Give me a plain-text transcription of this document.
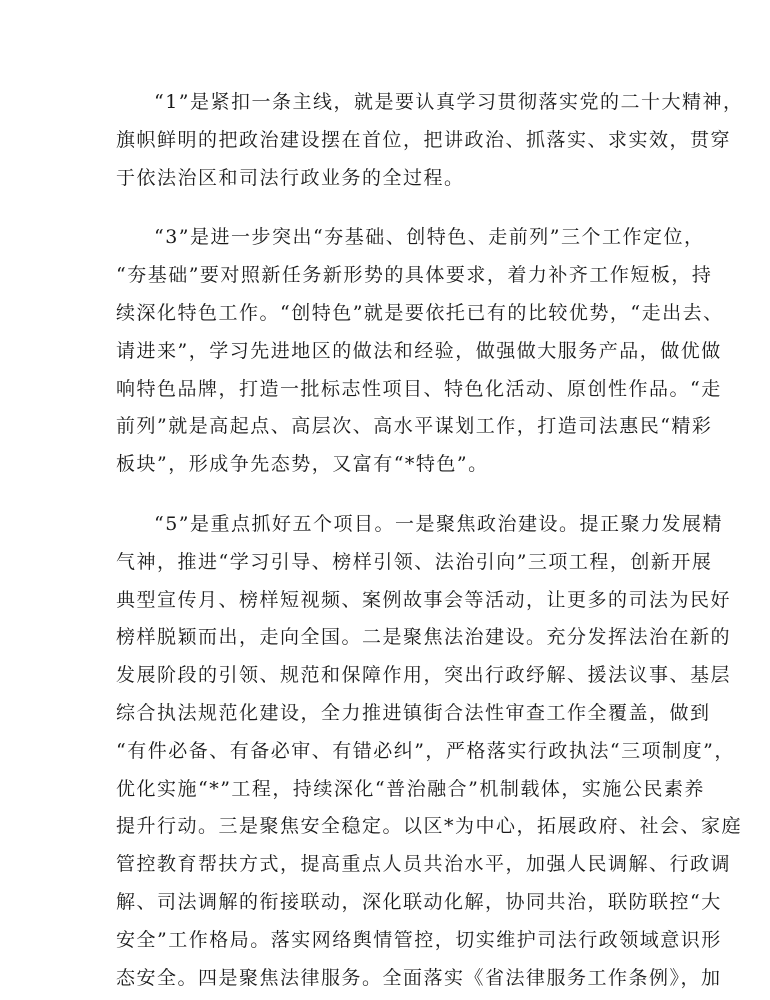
“1”是紧扣一条主线，就是要认真学习贯彻落实党的二十大精神，
旗帜鲜明的把政治建设摆在首位，把讲政治、抓落实、求实效，贯穿
于依法治区和司法行政业务的全过程。
“3”是进一步突出“夯基础、创特色、走前列”三个工作定位，
“夯基础”要对照新任务新形势的具体要求，着力补齐工作短板，持
续深化特色工作。“创特色”就是要依托已有的比较优势，“走出去、
请进来”，学习先进地区的做法和经验，做强做大服务产品，做优做
响特色品牌，打造一批标志性项目、特色化活动、原创性作品。“走
前列”就是高起点、高层次、高水平谋划工作，打造司法惠民“精彩
板块”，形成争先态势，又富有“*特色”。
“5”是重点抓好五个项目。一是聚焦政治建设。提正聚力发展精
气神，推进“学习引导、榜样引领、法治引向”三项工程，创新开展
典型宣传月、榜样短视频、案例故事会等活动，让更多的司法为民好
榜样脱颖而出，走向全国。二是聚焦法治建设。充分发挥法治在新的
发展阶段的引领、规范和保障作用，突出行政纾解、援法议事、基层
综合执法规范化建设，全力推进镇街合法性审查工作全覆盖，做到
“有件必备、有备必审、有错必纠”，严格落实行政执法“三项制度”，
优化实施“*”工程，持续深化“普治融合”机制载体，实施公民素养
提升行动。三是聚焦安全稳定。以区*为中心，拓展政府、社会、家庭
管控教育帮扶方式，提高重点人员共治水平，加强人民调解、行政调
解、司法调解的衔接联动，深化联动化解，协同共治，联防联控“大
安全”工作格局。落实网络舆情管控，切实维护司法行政领域意识形
态安全。四是聚焦法律服务。全面落实《省法律服务工作条例》，加
